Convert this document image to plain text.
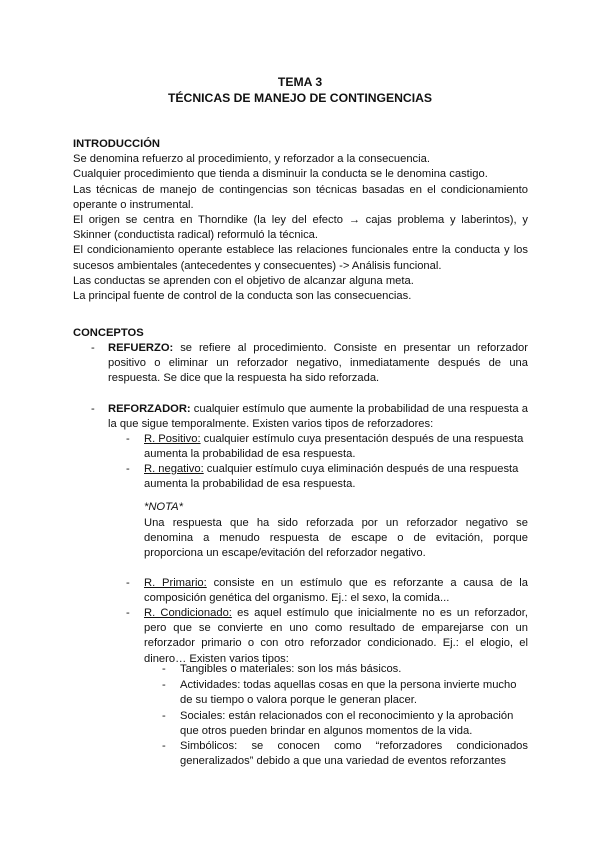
TEMA 3
TÉCNICAS DE MANEJO DE CONTINGENCIAS
INTRODUCCIÓN

Se denomina refuerzo al procedimiento, y reforzador a la consecuencia.

Cualquier procedimiento que tienda a disminuir la conducta se le denomina castigo.

Las técnicas de manejo de contingencias son técnicas basadas en el condicionamiento operante o instrumental.

El origen se centra en Thorndike (la ley del efecto → cajas problema y laberintos), y Skinner (conductista radical) reformuló la técnica.

El condicionamiento operante establece las relaciones funcionales entre la conducta y los sucesos ambientales (antecedentes y consecuentes) -> Análisis funcional.

Las conductas se aprenden con el objetivo de alcanzar alguna meta.

La principal fuente de control de la conducta son las consecuencias.

CONCEPTOS
-	REFUERZO: se refiere al procedimiento. Consiste en presentar un reforzador positivo o eliminar un reforzador negativo, inmediatamente después de una respuesta. Se dice que la respuesta ha sido reforzada.
-	REFORZADOR: cualquier estímulo que aumente la probabilidad de una respuesta a la que sigue temporalmente. Existen varios tipos de reforzadores:
-	R. Positivo: cualquier estímulo cuya presentación después de una respuesta aumenta la probabilidad de esa respuesta.
-	R. negativo: cualquier estímulo cuya eliminación después de una respuesta aumenta la probabilidad de esa respuesta.
*NOTA*
Una respuesta que ha sido reforzada por un reforzador negativo se denomina a menudo respuesta de escape o de evitación, porque proporciona un escape/evitación del reforzador negativo.
-	R. Primario: consiste en un estímulo que es reforzante a causa de la composición genética del organismo. Ej.: el sexo, la comida...
-	R. Condicionado: es aquel estímulo que inicialmente no es un reforzador, pero que se convierte en uno como resultado de emparejarse con un reforzador primario o con otro reforzador condicionado. Ej.: el elogio, el dinero… Existen varios tipos:
-	Tangibles o materiales: son los más básicos.
-	Actividades: todas aquellas cosas en que la persona invierte mucho de su tiempo o valora porque le generan placer.
-	Sociales: están relacionados con el reconocimiento y la aprobación que otros pueden brindar en algunos momentos de la vida.
-	Simbólicos: se conocen como “reforzadores condicionados generalizados” debido a que una variedad de eventos reforzantes
